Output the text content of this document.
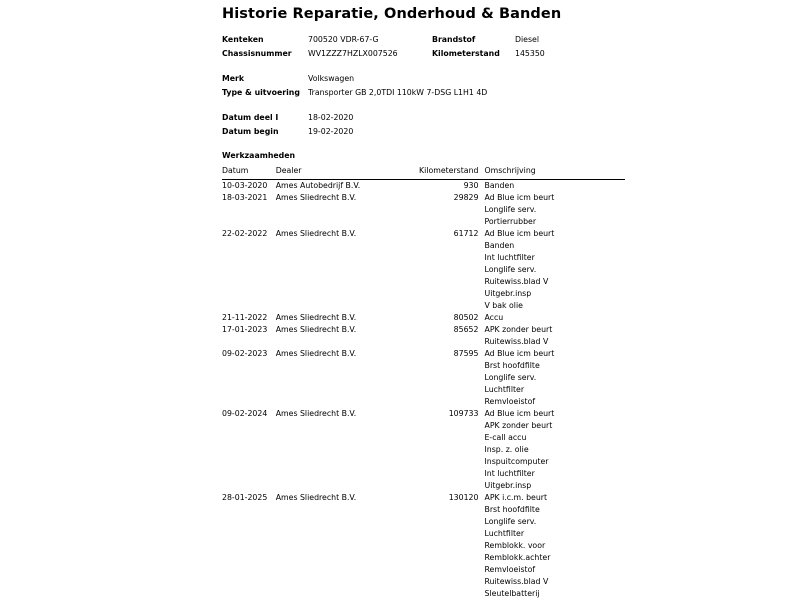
Historie Reparatie, Onderhoud & Banden
Kenteken	700520 VDR-67-G	Brandstof	Diesel
Chassisnummer	WV1ZZZ7HZLX007526	Kilometerstand	145350
Merk	Volkswagen
Type & uitvoering	Transporter GB 2,0TDI 110kW 7-DSG L1H1 4D
Datum deel I	18-02-2020
Datum begin	19-02-2020
Werkzaamheden
Datum	Dealer	Kilometerstand	Omschrijving
10-03-2020	Ames Autobedrijf B.V.	930	Banden
18-03-2021	Ames Sliedrecht B.V.	29829	Ad Blue icm beurt
			Longlife serv.
			Portierrubber
22-02-2022	Ames Sliedrecht B.V.	61712	Ad Blue icm beurt
			Banden
			Int luchtfilter
			Longlife serv.
			Ruitewiss.blad V
			Uitgebr.insp
			V bak olie
21-11-2022	Ames Sliedrecht B.V.	80502	Accu
17-01-2023	Ames Sliedrecht B.V.	85652	APK zonder beurt
			Ruitewiss.blad V
09-02-2023	Ames Sliedrecht B.V.	87595	Ad Blue icm beurt
			Brst hoofdfilte
			Longlife serv.
			Luchtfilter
			Remvloeistof
09-02-2024	Ames Sliedrecht B.V.	109733	Ad Blue icm beurt
			APK zonder beurt
			E-call accu
			Insp. z. olie
			Inspuitcomputer
			Int luchtfilter
			Uitgebr.insp
28-01-2025	Ames Sliedrecht B.V.	130120	APK i.c.m. beurt
			Brst hoofdfilte
			Longlife serv.
			Luchtfilter
			Remblokk. voor
			Remblokk.achter
			Remvloeistof
			Ruitewiss.blad V
			Sleutelbatterij
